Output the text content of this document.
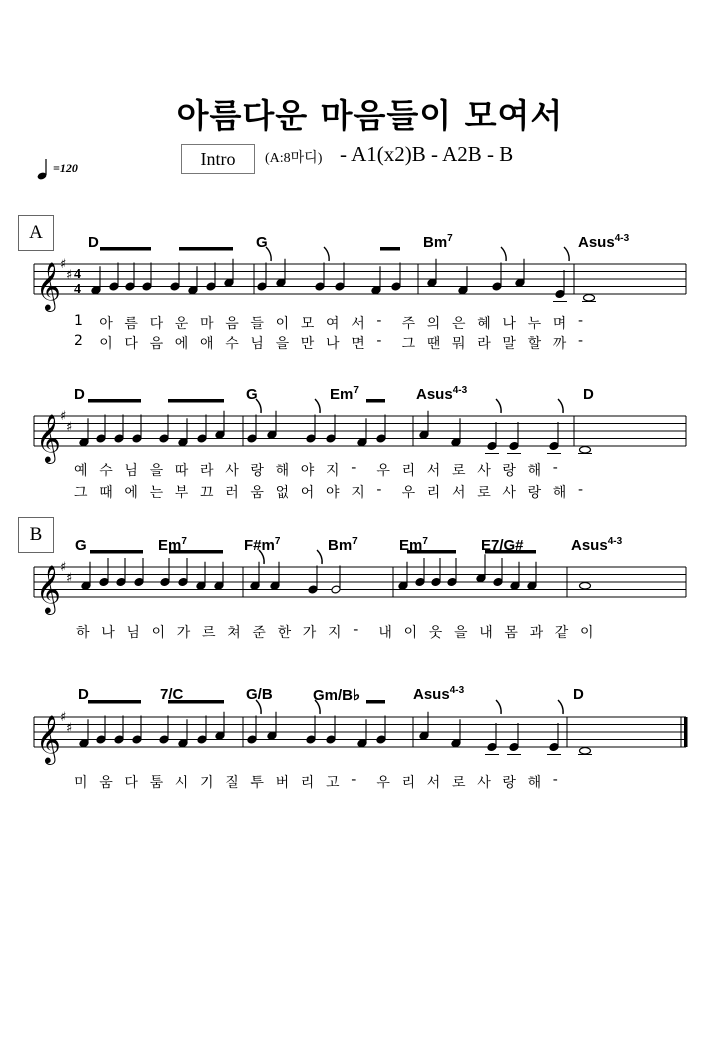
아름다운 마음들이 모여서
Intro	(A:8마디) - A1(x2)B - A2B - B
=120
A
B
𝄞 ♯
♯ 4
4
𝄞 ♯
♯
𝄞 ♯
♯
𝄞 ♯
♯
D	G	Bm$^7$	Asus$^{4-3}$
D	G	Em$^7$	Asus$^{4-3}$	D
G	Em$^7$	$F\#m^7$	Bm$^7$	Em$^7$	E7/G#	Asus$^{4-3}$
D	7/C	G/B	Gm/B♭	Asus$^{4-3}$	D
1 아 름 다 운 마 음 들 이 모 여 서 - 주 의 은 혜 나 누 며 -
2 이 다 음 에 애 수 님 을 만 나 면 - 그 땐 뭐 라 말 할 까 -
예 수 님 을 따 라 사 랑 해 야 지 - 우 리 서 로 사 랑 해 -
그 때 에 는 부 끄 러 움 없 어 야 지 - 우 리 서 로 사 랑 해 -
하 나 님 이 가 르 쳐 준 한 가 지 - 내 이 웃 을 내 몸 과 같 이
미 움 다 툼 시 기 질 투 버 리 고 - 우 리 서 로 사 랑 해 -
